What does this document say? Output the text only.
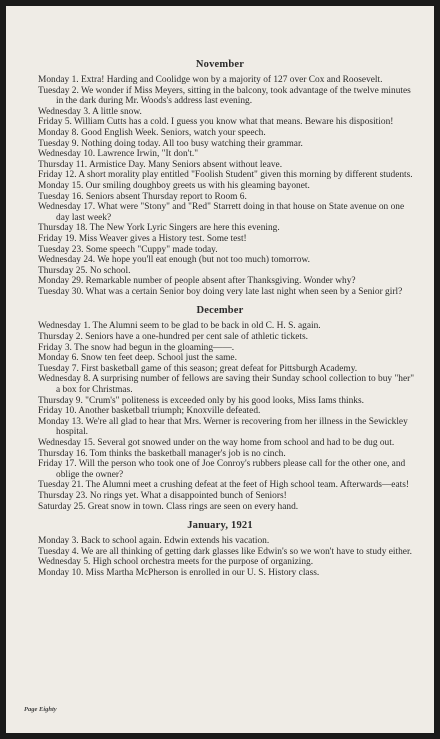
November
Monday 1. Extra! Harding and Coolidge won by a majority of 127 over Cox and Roosevelt.
Tuesday 2. We wonder if Miss Meyers, sitting in the balcony, took advantage of the twelve minutes in the dark during Mr. Woods's address last evening.
Wednesday 3. A little snow.
Friday 5. William Cutts has a cold. I guess you know what that means. Beware his disposition!
Monday 8. Good English Week. Seniors, watch your speech.
Tuesday 9. Nothing doing today. All too busy watching their grammar.
Wednesday 10. Lawrence Irwin, "It don't."
Thursday 11. Armistice Day. Many Seniors absent without leave.
Friday 12. A short morality play entitled "Foolish Student" given this morning by different students.
Monday 15. Our smiling doughboy greets us with his gleaming bayonet.
Tuesday 16. Seniors absent Thursday report to Room 6.
Wednesday 17. What were "Stony" and "Red" Starrett doing in that house on State avenue on one day last week?
Thursday 18. The New York Lyric Singers are here this evening.
Friday 19. Miss Weaver gives a History test. Some test!
Tuesday 23. Some speech "Cuppy" made today.
Wednesday 24. We hope you'll eat enough (but not too much) tomorrow.
Thursday 25. No school.
Monday 29. Remarkable number of people absent after Thanksgiving. Wonder why?
Tuesday 30. What was a certain Senior boy doing very late last night when seen by a Senior girl?
December
Wednesday 1. The Alumni seem to be glad to be back in old C. H. S. again.
Thursday 2. Seniors have a one-hundred per cent sale of athletic tickets.
Friday 3. The snow had begun in the gloaming——.
Monday 6. Snow ten feet deep. School just the same.
Tuesday 7. First basketball game of this season; great defeat for Pittsburgh Academy.
Wednesday 8. A surprising number of fellows are saving their Sunday school collection to buy "her" a box for Christmas.
Thursday 9. "Crum's" politeness is exceeded only by his good looks, Miss Iams thinks.
Friday 10. Another basketball triumph; Knoxville defeated.
Monday 13. We're all glad to hear that Mrs. Werner is recovering from her illness in the Sewickley hospital.
Wednesday 15. Several got snowed under on the way home from school and had to be dug out.
Thursday 16. Tom thinks the basketball manager's job is no cinch.
Friday 17. Will the person who took one of Joe Conroy's rubbers please call for the other one, and oblige the owner?
Tuesday 21. The Alumni meet a crushing defeat at the feet of High school team. Afterwards—eats!
Thursday 23. No rings yet. What a disappointed bunch of Seniors!
Saturday 25. Great snow in town. Class rings are seen on every hand.
January, 1921
Monday 3. Back to school again. Edwin extends his vacation.
Tuesday 4. We are all thinking of getting dark glasses like Edwin's so we won't have to study either.
Wednesday 5. High school orchestra meets for the purpose of organizing.
Monday 10. Miss Martha McPherson is enrolled in our U. S. History class.
Page Eighty
